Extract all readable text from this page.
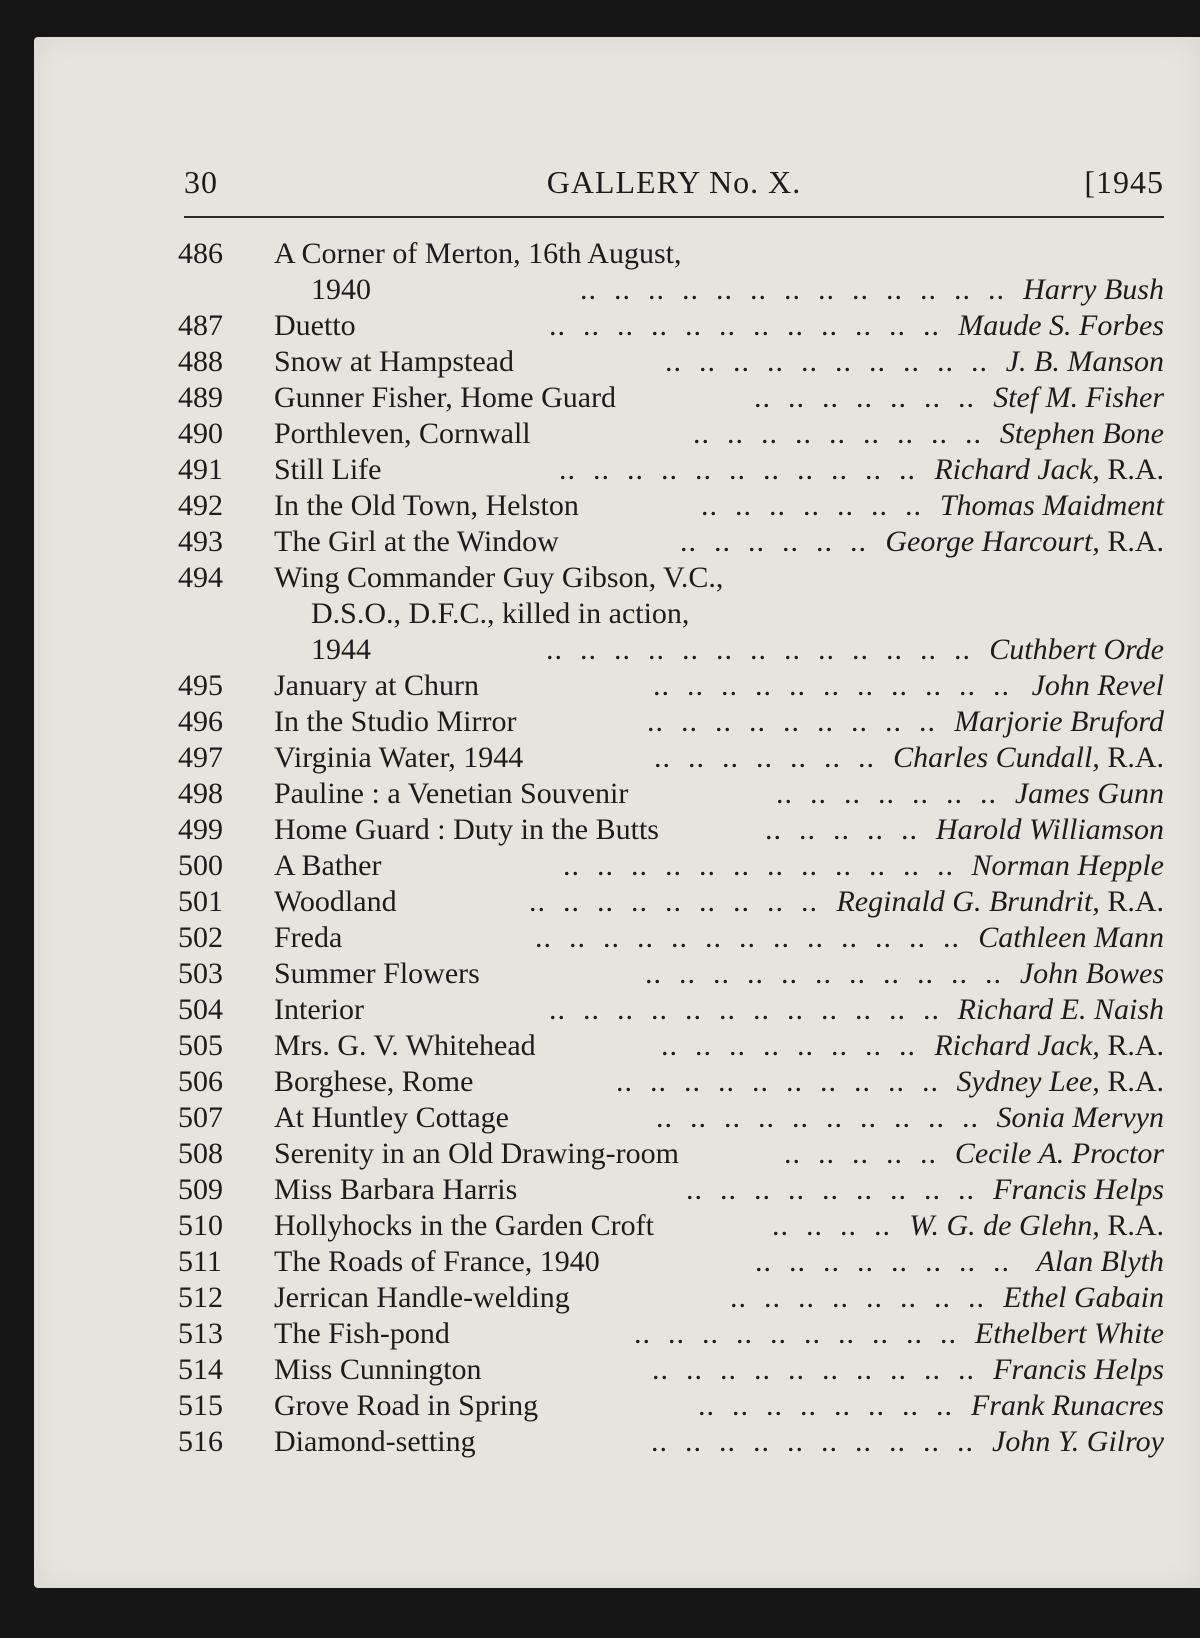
30	GALLERY No. X.	[1945
486 A Corner of Merton, 16th August,
1940	..  ..  ..  ..  ..  ..  ..  ..  ..  ..  ..  ..  .. Harry Bush
487 Duetto	..  ..  ..  ..  ..  ..  ..  ..  ..  ..  ..  .. Maude S. Forbes
488 Snow at Hampstead	..  ..  ..  ..  ..  ..  ..  ..  ..  .. J. B. Manson
489 Gunner Fisher, Home Guard	..  ..  ..  ..  ..  ..  .. Stef M. Fisher
490 Porthleven, Cornwall	..  ..  ..  ..  ..  ..  ..  ..  .. Stephen Bone
491 Still Life	..  ..  ..  ..  ..  ..  ..  ..  ..  ..  .. Richard Jack, R.A.
492 In the Old Town, Helston	..  ..  ..  ..  ..  ..  .. Thomas Maidment
493 The Girl at the Window	..  ..  ..  ..  ..  .. George Harcourt, R.A.
494 Wing Commander Guy Gibson, V.C.,
D.S.O., D.F.C., killed in action,
1944	..  ..  ..  ..  ..  ..  ..  ..  ..  ..  ..  ..  .. Cuthbert Orde
495 January at Churn	..  ..  ..  ..  ..  ..  ..  ..  ..  ..  .. John Revel
496 In the Studio Mirror	..  ..  ..  ..  ..  ..  ..  ..  .. Marjorie Bruford
497 Virginia Water, 1944	..  ..  ..  ..  ..  ..  .. Charles Cundall, R.A.
498 Pauline : a Venetian Souvenir	..  ..  ..  ..  ..  ..  .. James Gunn
499 Home Guard : Duty in the Butts	..  ..  ..  ..  .. Harold Williamson
500 A Bather	..  ..  ..  ..  ..  ..  ..  ..  ..  ..  ..  .. Norman Hepple
501 Woodland	..  ..  ..  ..  ..  ..  ..  ..  .. Reginald G. Brundrit, R.A.
502 Freda	..  ..  ..  ..  ..  ..  ..  ..  ..  ..  ..  ..  .. Cathleen Mann
503 Summer Flowers	..  ..  ..  ..  ..  ..  ..  ..  ..  ..  .. John Bowes
504 Interior	..  ..  ..  ..  ..  ..  ..  ..  ..  ..  ..  .. Richard E. Naish
505 Mrs. G. V. Whitehead	..  ..  ..  ..  ..  ..  ..  .. Richard Jack, R.A.
506 Borghese, Rome	..  ..  ..  ..  ..  ..  ..  ..  ..  .. Sydney Lee, R.A.
507 At Huntley Cottage	..  ..  ..  ..  ..  ..  ..  ..  ..  .. Sonia Mervyn
508 Serenity in an Old Drawing-room	..  ..  ..  ..  .. Cecile A. Proctor
509 Miss Barbara Harris	..  ..  ..  ..  ..  ..  ..  ..  .. Francis Helps
510 Hollyhocks in the Garden Croft	..  ..  ..  .. W. G. de Glehn, R.A.
511 The Roads of France, 1940	..  ..  ..  ..  ..  ..  ..  .. Alan Blyth
512 Jerrican Handle-welding	..  ..  ..  ..  ..  ..  ..  .. Ethel Gabain
513 The Fish-pond	..  ..  ..  ..  ..  ..  ..  ..  ..  .. Ethelbert White
514 Miss Cunnington	..  ..  ..  ..  ..  ..  ..  ..  ..  .. Francis Helps
515 Grove Road in Spring	..  ..  ..  ..  ..  ..  ..  .. Frank Runacres
516 Diamond-setting	..  ..  ..  ..  ..  ..  ..  ..  ..  .. John Y. Gilroy
